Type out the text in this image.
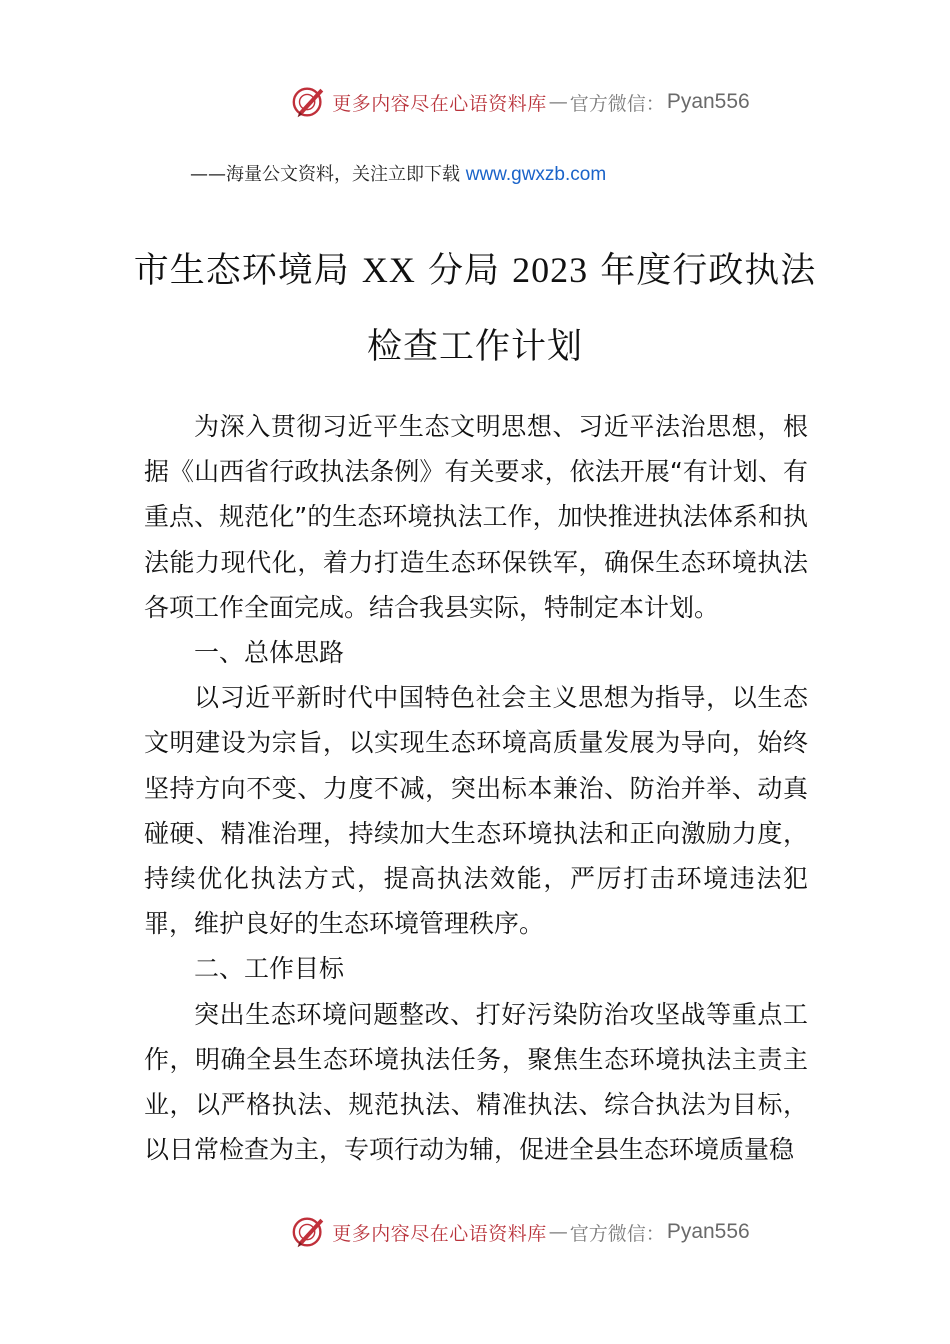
更多内容尽在心语资料库 — 官方微信： Pyan556
——海量公文资料，关注立即下载 www.gwxzb.com
市生态环境局 XX 分局 2023 年度行政执法
检查工作计划

为深入贯彻习近平生态文明思想、习近平法治思想，根据《山西省行政执法条例》有关要求，依法开展“有计划、有重点、规范化”的生态环境执法工作，加快推进执法体系和执法能力现代化，着力打造生态环保铁军，确保生态环境执法各项工作全面完成。结合我县实际，特制定本计划。

一、总体思路

以习近平新时代中国特色社会主义思想为指导，以生态文明建设为宗旨，以实现生态环境高质量发展为导向，始终坚持方向不变、力度不减，突出标本兼治、防治并举、动真碰硬、精准治理，持续加大生态环境执法和正向激励力度，持续优化执法方式，提高执法效能，严厉打击环境违法犯罪，维护良好的生态环境管理秩序。

二、工作目标

突出生态环境问题整改、打好污染防治攻坚战等重点工作，明确全县生态环境执法任务，聚焦生态环境执法主责主业，以严格执法、规范执法、精准执法、综合执法为目标，以日常检查为主，专项行动为辅，促进全县生态环境质量稳

更多内容尽在心语资料库 — 官方微信： Pyan556
